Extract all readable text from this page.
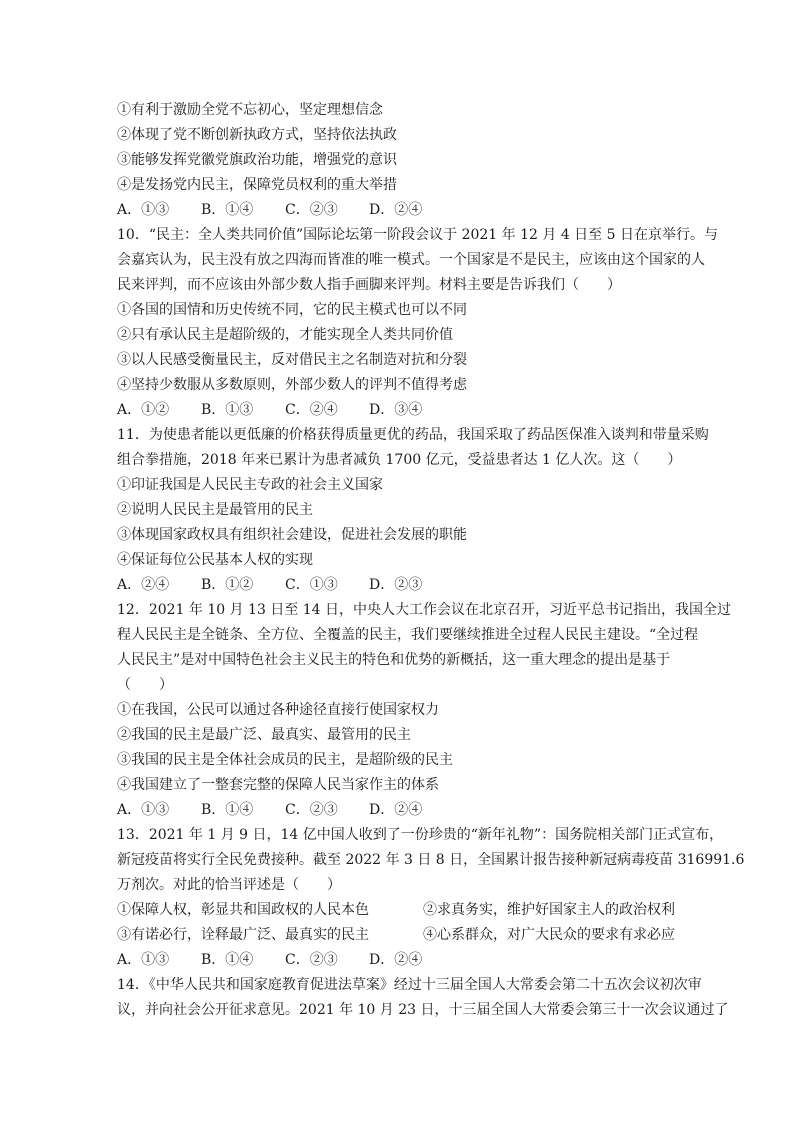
①有利于激励全党不忘初心，坚定理想信念
②体现了党不断创新执政方式，坚持依法执政
③能够发挥党徽党旗政治功能，增强党的意识
④是发扬党内民主，保障党员权利的重大举措
A．①③ B．①④ C．②③ D．②④
10．“民主：全人类共同价值”国际论坛第一阶段会议于 2021 年 12 月 4 日至 5 日在京举行。与
会嘉宾认为，民主没有放之四海而皆准的唯一模式。一个国家是不是民主，应该由这个国家的人
民来评判，而不应该由外部少数人指手画脚来评判。材料主要是告诉我们（　　）
①各国的国情和历史传统不同，它的民主模式也可以不同
②只有承认民主是超阶级的，才能实现全人类共同价值
③以人民感受衡量民主，反对借民主之名制造对抗和分裂
④坚持少数服从多数原则，外部少数人的评判不值得考虑
A．①② B．①③ C．②④ D．③④
11．为使患者能以更低廉的价格获得质量更优的药品，我国采取了药品医保准入谈判和带量采购
组合拳措施，2018 年来已累计为患者减负 1700 亿元，受益患者达 1 亿人次。这（　　）
①印证我国是人民民主专政的社会主义国家
②说明人民民主是最管用的民主
③体现国家政权具有组织社会建设，促进社会发展的职能
④保证每位公民基本人权的实现
A．②④ B．①② C．①③ D．②③
12．2021 年 10 月 13 日至 14 日，中央人大工作会议在北京召开，习近平总书记指出，我国全过
程人民民主是全链条、全方位、全覆盖的民主，我们要继续推进全过程人民民主建设。“全过程
人民民主”是对中国特色社会主义民主的特色和优势的新概括，这一重大理念的提出是基于
（　　）
①在我国，公民可以通过各种途径直接行使国家权力
②我国的民主是最广泛、最真实、最管用的民主
③我国的民主是全体社会成员的民主，是超阶级的民主
④我国建立了一整套完整的保障人民当家作主的体系
A．①③ B．①④ C．②③ D．②④
13．2021 年 1 月 9 日，14 亿中国人收到了一份珍贵的“新年礼物”：国务院相关部门正式宣布，
新冠疫苗将实行全民免费接种。截至 2022 年 3 日 8 日，全国累计报告接种新冠病毒疫苗 316991.6
万剂次。对此的恰当评述是（　　）
①保障人权，彰显共和国政权的人民本色	②求真务实，维护好国家主人的政治权利
③有诺必行，诠释最广泛、最真实的民主	④心系群众，对广大民众的要求有求必应
A．①③ B．①④ C．②③ D．②④
14．《中华人民共和国家庭教育促进法草案》经过十三届全国人大常委会第二十五次会议初次审
议，并向社会公开征求意见。2021 年 10 月 23 日，十三届全国人大常委会第三十一次会议通过了
